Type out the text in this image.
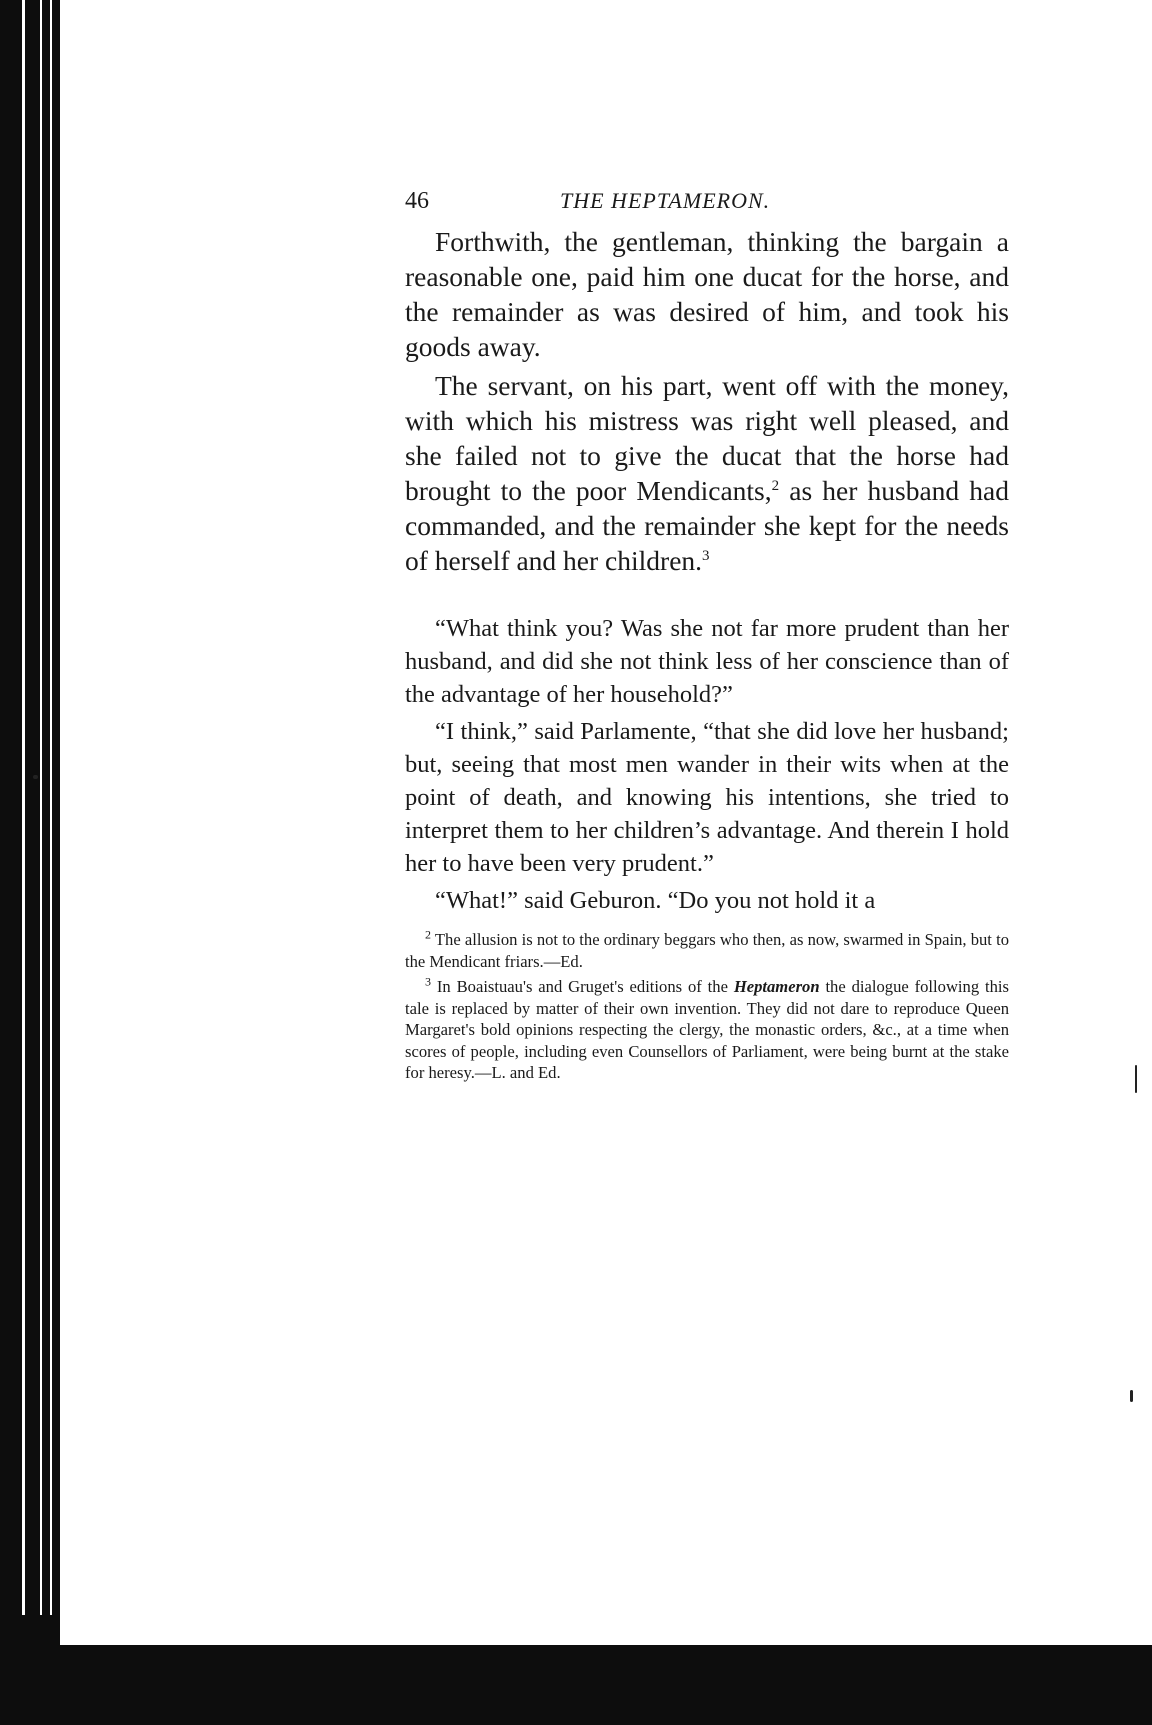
46	THE HEPTAMERON.

Forthwith, the gentleman, thinking the bargain a reasonable one, paid him one ducat for the horse, and the remainder as was desired of him, and took his goods away.

The servant, on his part, went off with the money, with which his mistress was right well pleased, and she failed not to give the ducat that the horse had brought to the poor Mendicants,$^2$ as her husband had commanded, and the remainder she kept for the needs of herself and her children.$^3$

“What think you? Was she not far more prudent than her husband, and did she not think less of her conscience than of the advantage of her household?”

“I think,” said Parlamente, “that she did love her husband; but, seeing that most men wander in their wits when at the point of death, and knowing his intentions, she tried to interpret them to her children’s advantage. And therein I hold her to have been very prudent.”

“What!” said Geburon. “Do you not hold it a

$^2$ The allusion is not to the ordinary beggars who then, as now, swarmed in Spain, but to the Mendicant friars.—Ed.

$^3$ In Boaistuau's and Gruget's editions of the Heptameron the dialogue following this tale is replaced by matter of their own invention. They did not dare to reproduce Queen Margaret's bold opinions respecting the clergy, the monastic orders, &c., at a time when scores of people, including even Counsellors of Parliament, were being burnt at the stake for heresy.—L. and Ed.
